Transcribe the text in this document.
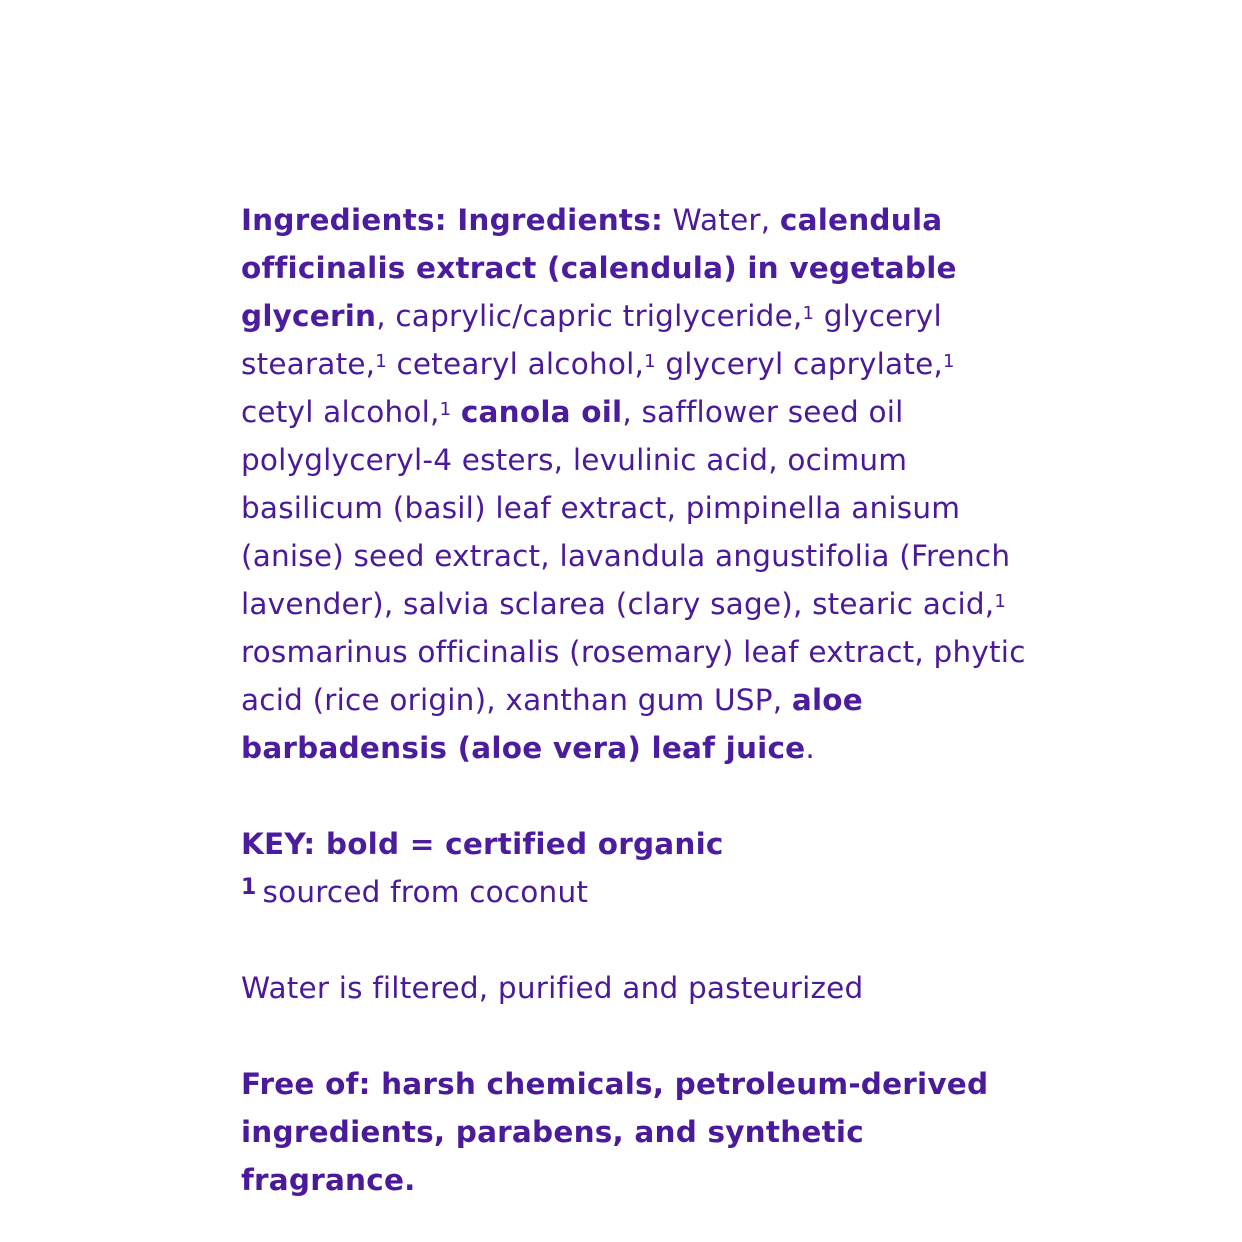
Ingredients: Ingredients: Water, calendula officinalis extract (calendula) in vegetable glycerin, caprylic/capric triglyceride,$^1$ glyceryl stearate,$^1$ cetearyl alcohol,$^1$ glyceryl caprylate,$^1$ cetyl alcohol,$^1$ canola oil, safflower seed oil polyglyceryl-4 esters, levulinic acid, ocimum basilicum (basil) leaf extract, pimpinella anisum (anise) seed extract, lavandula angustifolia (French lavender), salvia sclarea (clary sage), stearic acid,$^1$ rosmarinus officinalis (rosemary) leaf extract, phytic acid (rice origin), xanthan gum USP, aloe barbadensis (aloe vera) leaf juice.

KEY: bold = certified organic

$^1$ sourced from coconut

Water is filtered, purified and pasteurized

Free of: harsh chemicals, petroleum-derived ingredients, parabens, and synthetic fragrance.
